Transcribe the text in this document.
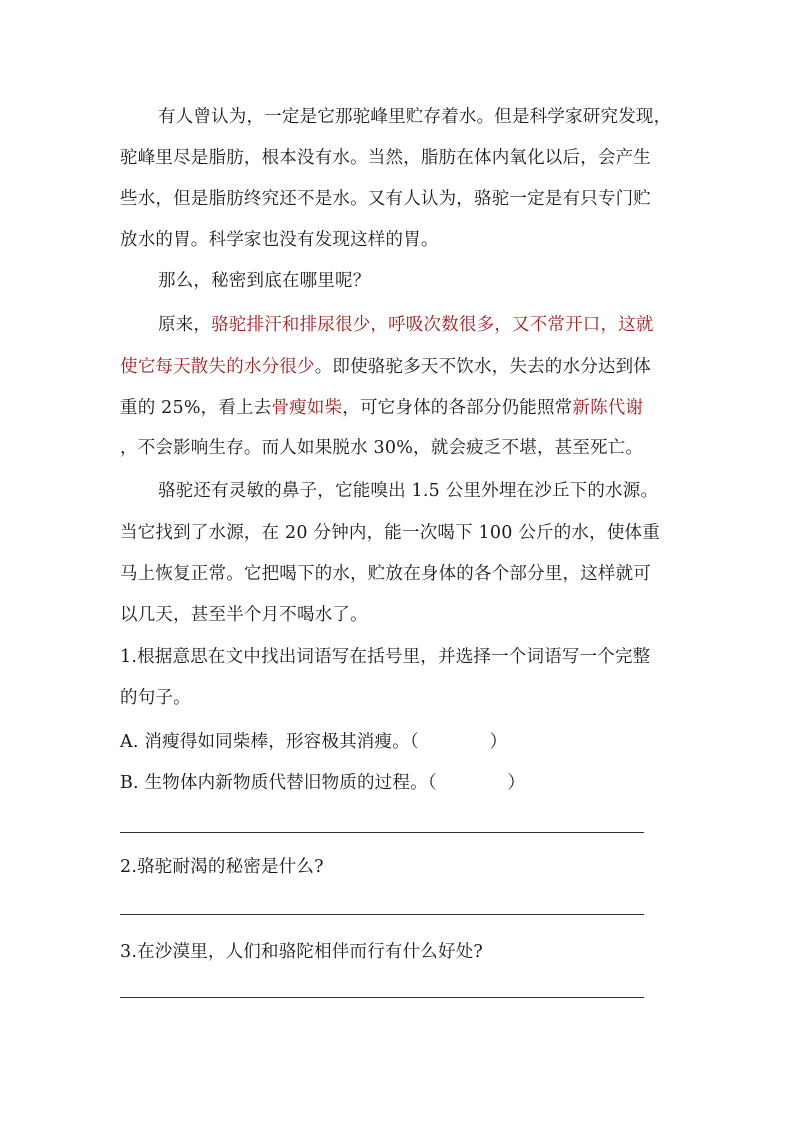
有人曾认为，一定是它那驼峰里贮存着水。但是科学家研究发现，
驼峰里尽是脂肪，根本没有水。当然，脂肪在体内氧化以后，会产生
些水，但是脂肪终究还不是水。又有人认为，骆驼一定是有只专门贮
放水的胃。科学家也没有发现这样的胃。
那么，秘密到底在哪里呢？
原来，骆驼排汗和排尿很少，呼吸次数很多，又不常开口，这就
使它每天散失的水分很少。即使骆驼多天不饮水，失去的水分达到体
重的 25%，看上去骨瘦如柴，可它身体的各部分仍能照常新陈代谢
，不会影响生存。而人如果脱水 30%，就会疲乏不堪，甚至死亡。
骆驼还有灵敏的鼻子，它能嗅出 1.5 公里外埋在沙丘下的水源。
当它找到了水源，在 20 分钟内，能一次喝下 100 公斤的水，使体重
马上恢复正常。它把喝下的水，贮放在身体的各个部分里，这样就可
以几天，甚至半个月不喝水了。
1.根据意思在文中找出词语写在括号里，并选择一个词语写一个完整
的句子。
A. 消瘦得如同柴棒，形容极其消瘦。（　　　　）
B. 生物体内新物质代替旧物质的过程。（　　　　）
2.骆驼耐渴的秘密是什么?
3.在沙漠里，人们和骆陀相伴而行有什么好处?
